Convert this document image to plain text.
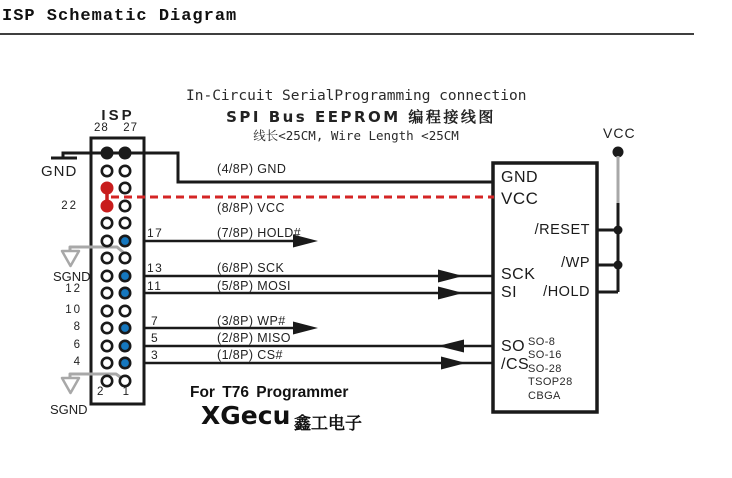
ISP Schematic Diagram
In-Circuit SerialProgramming connection
SPI Bus EEPROM 编程接线图
线长<25CM, Wire Length <25CM
ISP
28 27
2 1
GND
22
SGND
12
10
8
6
4
SGND
(4/8P) GND
(8/8P) VCC
17	(7/8P) HOLD#
13	(6/8P) SCK
11	(5/8P) MOSI
7	(3/8P) WP#
5	(2/8P) MISO
3	(1/8P) CS#
GND
VCC
SCK
SI
SO
/CS
/RESET
/WP
/HOLD
SO-8
SO-16
SO-28
TSOP28
CBGA
VCC
For T76 Programmer
XGecu 鑫工电子
